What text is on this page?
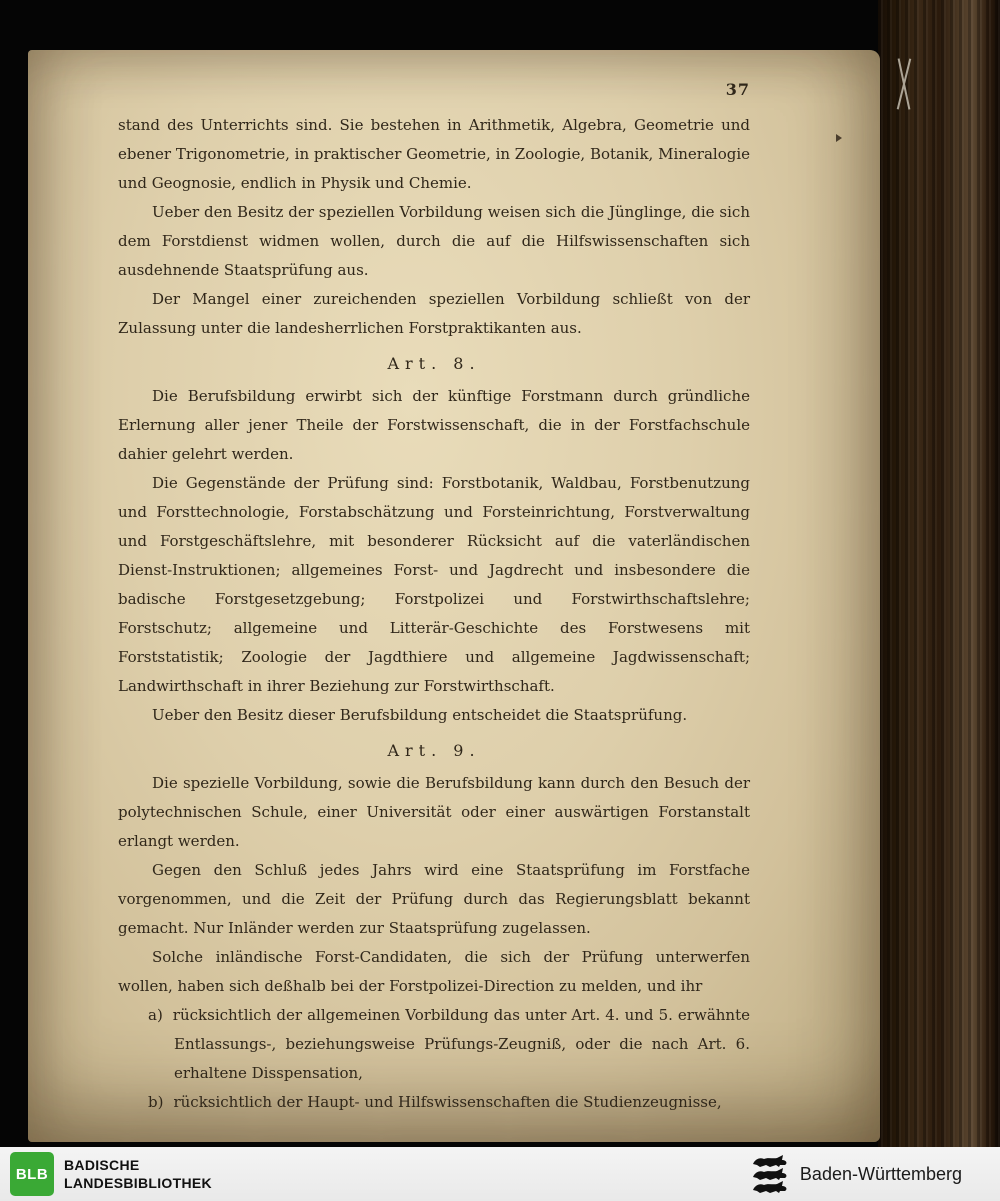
37

stand des Unterrichts sind. Sie bestehen in Arithmetik, Algebra, Geometrie und ebener Trigonometrie, in praktischer Geometrie, in Zoologie, Botanik, Mineralogie und Geognosie, endlich in Physik und Chemie.

Ueber den Besitz der speziellen Vorbildung weisen sich die Jünglinge, die sich dem Forstdienst widmen wollen, durch die auf die Hilfswissenschaften sich ausdehnende Staatsprüfung aus.

Der Mangel einer zureichenden speziellen Vorbildung schließt von der Zulassung unter die landesherrlichen Forstpraktikanten aus.

Art. 8.

Die Berufsbildung erwirbt sich der künftige Forstmann durch gründliche Erlernung aller jener Theile der Forstwissenschaft, die in der Forstfachschule dahier gelehrt werden.

Die Gegenstände der Prüfung sind: Forstbotanik, Waldbau, Forstbenutzung und Forsttechnologie, Forstabschätzung und Forsteinrichtung, Forstverwaltung und Forstgeschäftslehre, mit besonderer Rücksicht auf die vaterländischen Dienst-Instruktionen; allgemeines Forst- und Jagdrecht und insbesondere die badische Forstgesetzgebung; Forstpolizei und Forstwirthschaftslehre; Forstschutz; allgemeine und Litterär-Geschichte des Forstwesens mit Forststatistik; Zoologie der Jagdthiere und allgemeine Jagdwissenschaft; Landwirthschaft in ihrer Beziehung zur Forstwirthschaft.

Ueber den Besitz dieser Berufsbildung entscheidet die Staatsprüfung.

Art. 9.

Die spezielle Vorbildung, sowie die Berufsbildung kann durch den Besuch der polytechnischen Schule, einer Universität oder einer auswärtigen Forstanstalt erlangt werden.

Gegen den Schluß jedes Jahrs wird eine Staatsprüfung im Forstfache vorgenommen, und die Zeit der Prüfung durch das Regierungsblatt bekannt gemacht. Nur Inländer werden zur Staatsprüfung zugelassen.

Solche inländische Forst-Candidaten, die sich der Prüfung unterwerfen wollen, haben sich deßhalb bei der Forstpolizei-Direction zu melden, und ihr

a) rücksichtlich der allgemeinen Vorbildung das unter Art. 4. und 5. erwähnte Entlassungs-, beziehungsweise Prüfungs-Zeugniß, oder die nach Art. 6. erhaltene Disspensation,
b) rücksichtlich der Haupt- und Hilfswissenschaften die Studienzeugnisse,
BLB
BADISCHE
LANDESBIBLIOTHEK	Baden-Württemberg
